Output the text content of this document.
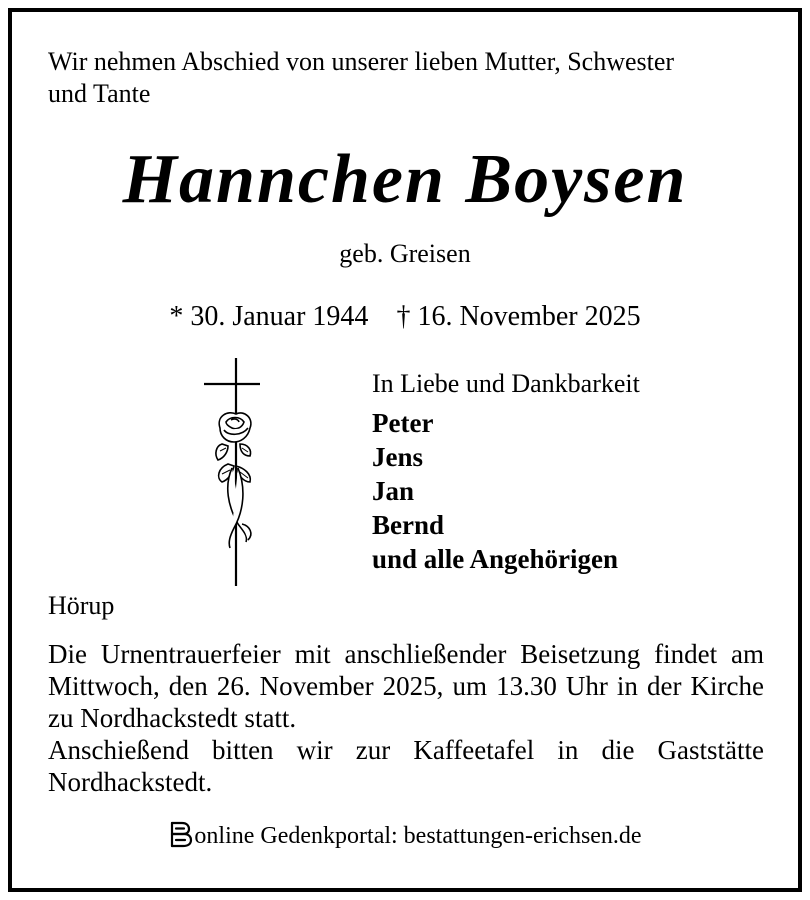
Wir nehmen Abschied von unserer lieben Mutter, Schwester
und Tante
Hannchen Boysen
geb. Greisen
* 30. Januar 1944 † 16. November 2025
In Liebe und Dankbarkeit
Peter
Jens
Jan
Bernd
und alle Angehörigen
Hörup

Die Urnentrauerfeier mit anschließender Beisetzung findet am Mittwoch, den 26. November 2025, um 13.30 Uhr in der Kirche zu Nordhackstedt statt.

Anschießend bitten wir zur Kaffeetafel in die Gaststätte Nordhackstedt.

online Gedenkportal: bestattungen-erichsen.de
